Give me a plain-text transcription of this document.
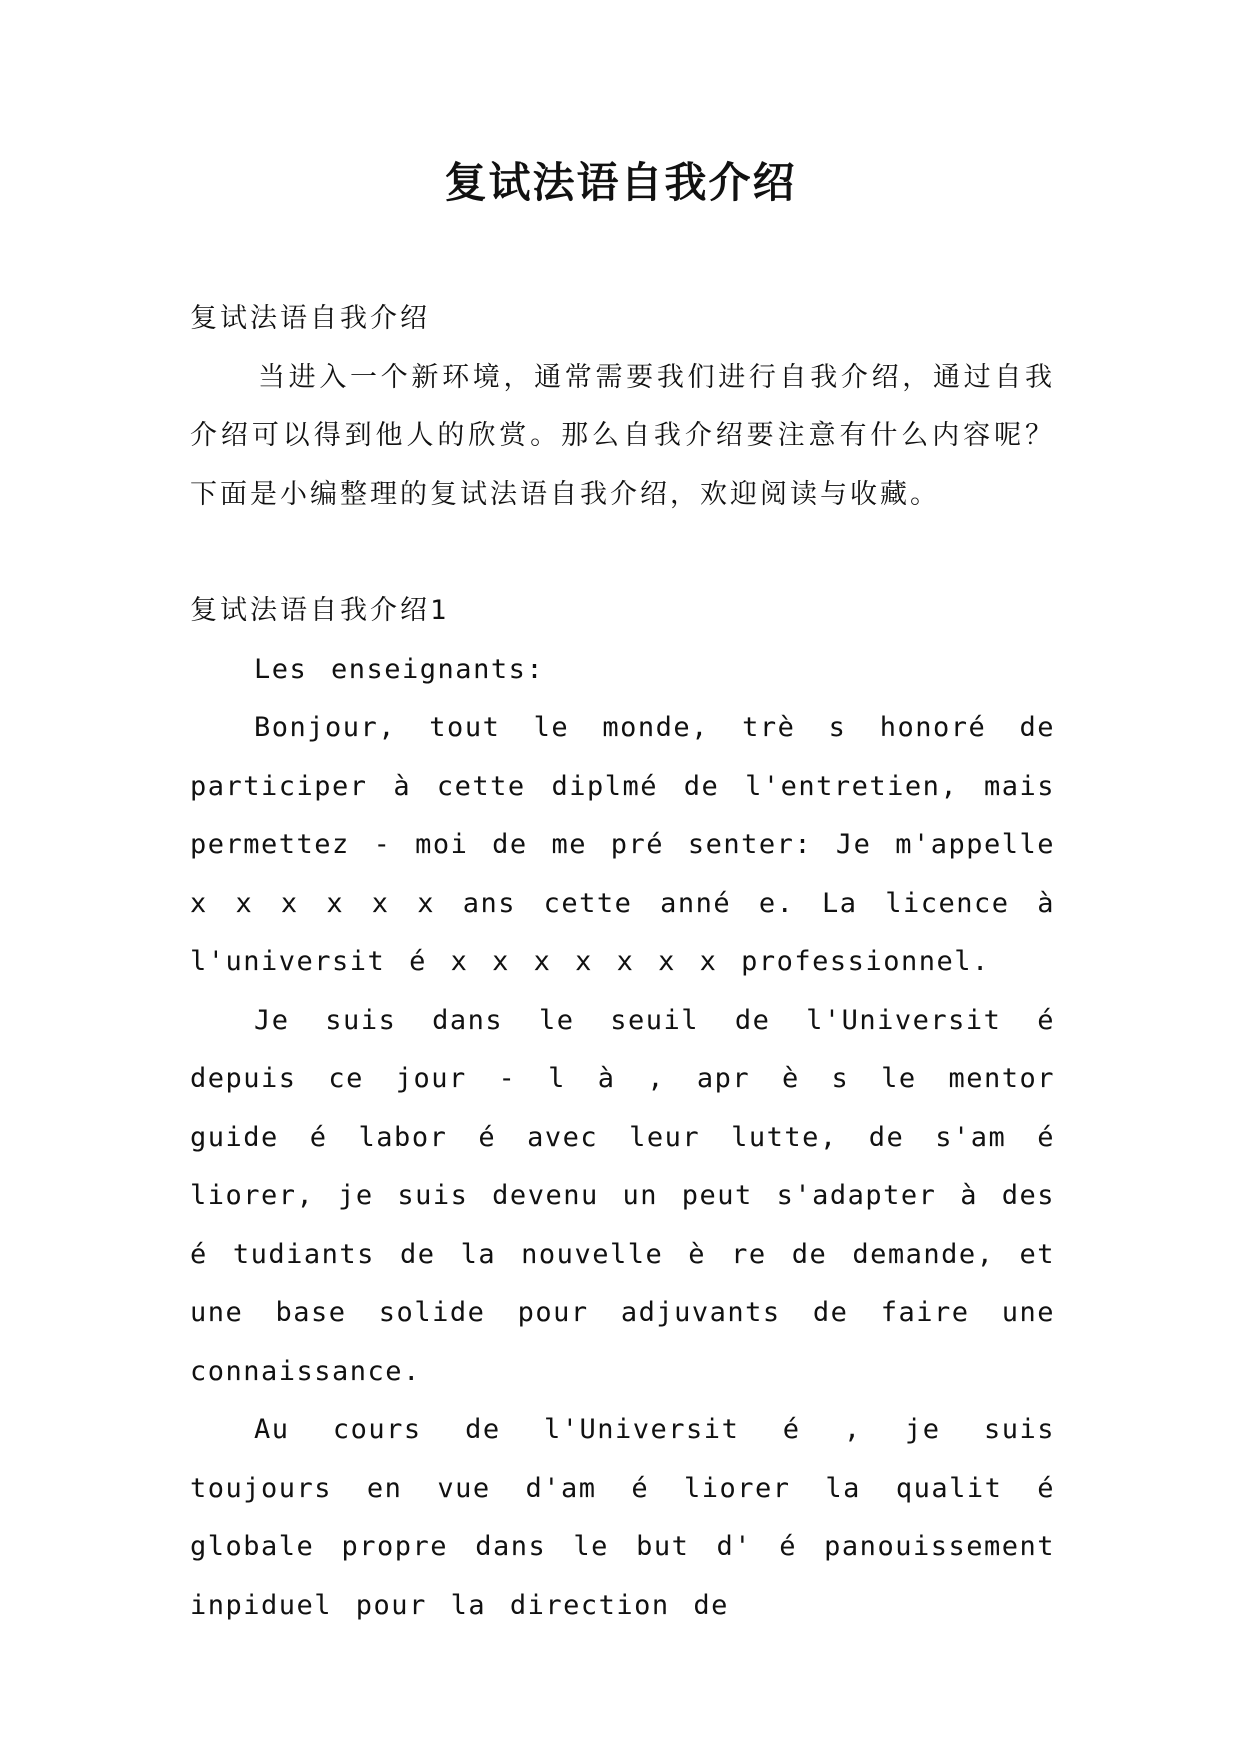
复试法语自我介绍

复试法语自我介绍

当进入一个新环境，通常需要我们进行自我介绍，通过自我介绍可以得到他人的欣赏。那么自我介绍要注意有什么内容呢？下面是小编整理的复试法语自我介绍，欢迎阅读与收藏。

复试法语自我介绍1

Les enseignants:

Bonjour, tout le monde, trè s honoré de participer à cette diplmé de l'entretien, mais permettez - moi de me pré senter: Je m'appelle x x x x x x ans cette anné e. La licence à l'universit é x x x x x x x professionnel.

Je suis dans le seuil de l'Universit é depuis ce jour - l à , apr è s le mentor guide é labor é avec leur lutte, de s'am é liorer, je suis devenu un peut s'adapter à des é tudiants de la nouvelle è re de demande, et une base solide pour adjuvants de faire une connaissance.

Au cours de l'Universit é , je suis toujours en vue d'am é liorer la qualit é globale propre dans le but d' é panouissement inpiduel pour la direction de
